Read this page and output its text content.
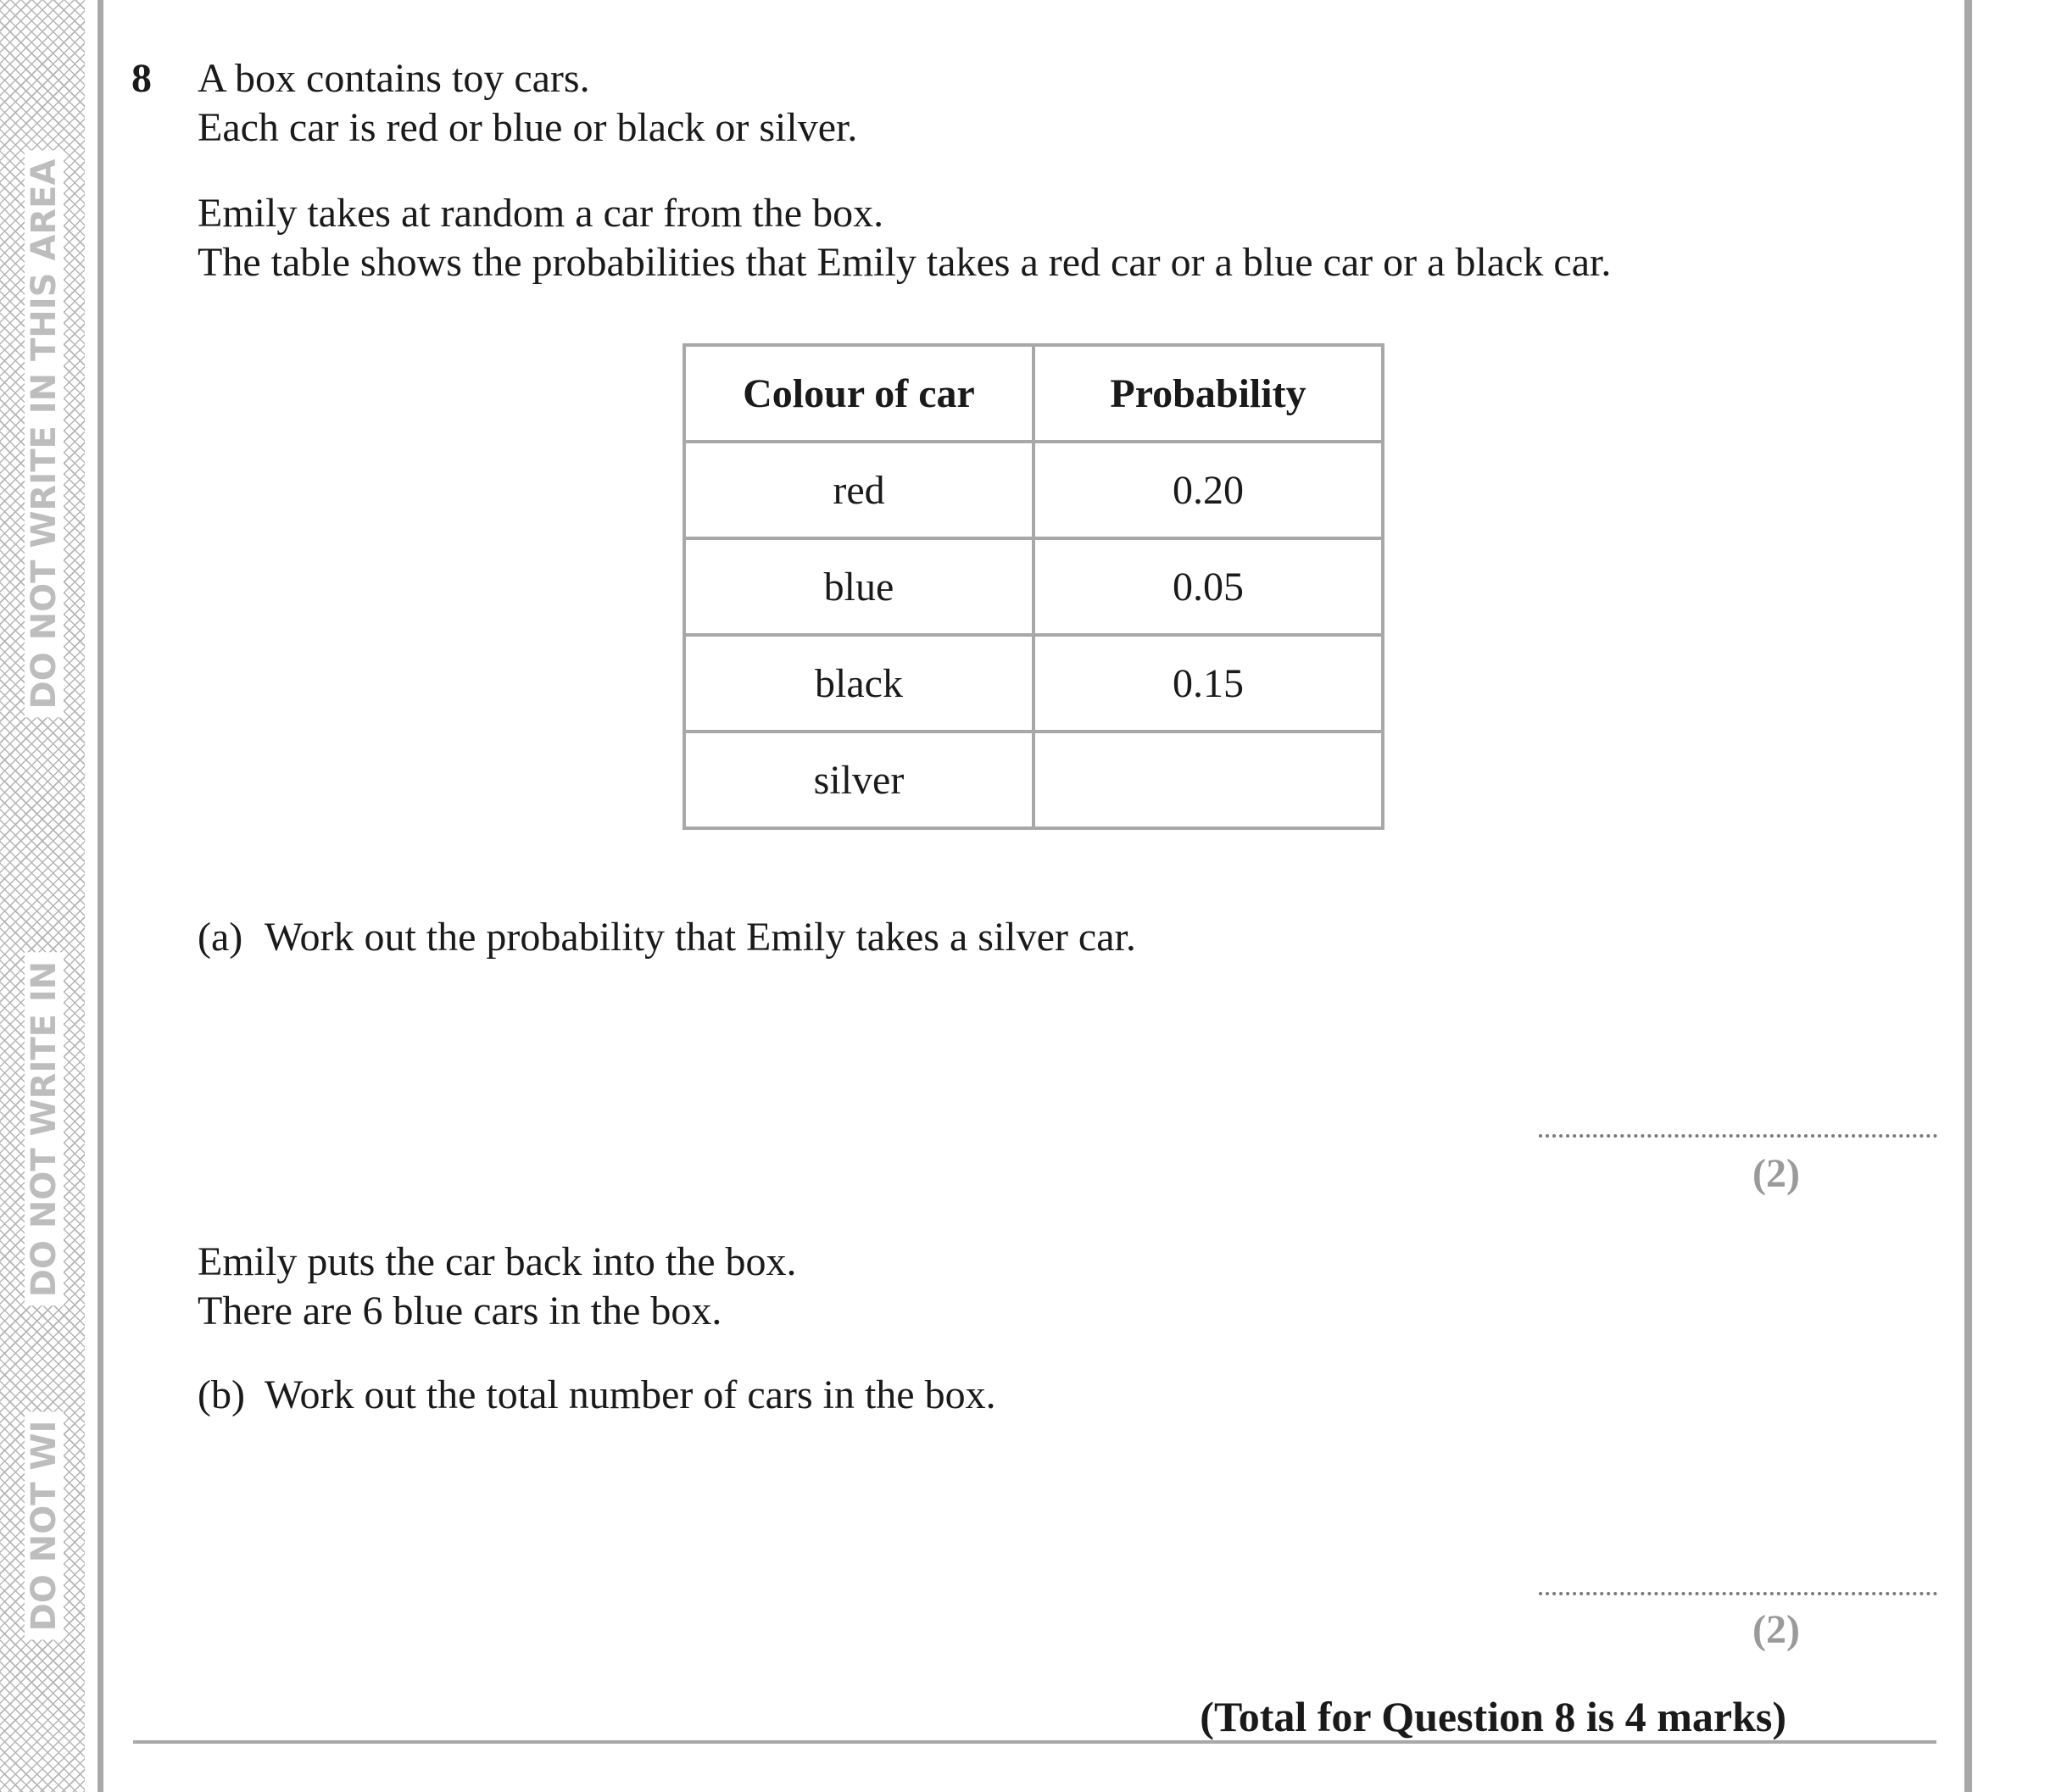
DO NOT WRITE IN THIS AREA
DO NOT WRITE IN
DO NOT WI
8 A box contains toy cars.
Each car is red or blue or black or silver.
Emily takes at random a car from the box.
The table shows the probabilities that Emily takes a red car or a blue car or a black car.
Colour of car	Probability
red	0.20
blue	0.05
black	0.15
silver	
(a) Work out the probability that Emily takes a silver car.
(2)
Emily puts the car back into the box.
There are 6 blue cars in the box.
(b) Work out the total number of cars in the box.
(2)
(Total for Question 8 is 4 marks)
